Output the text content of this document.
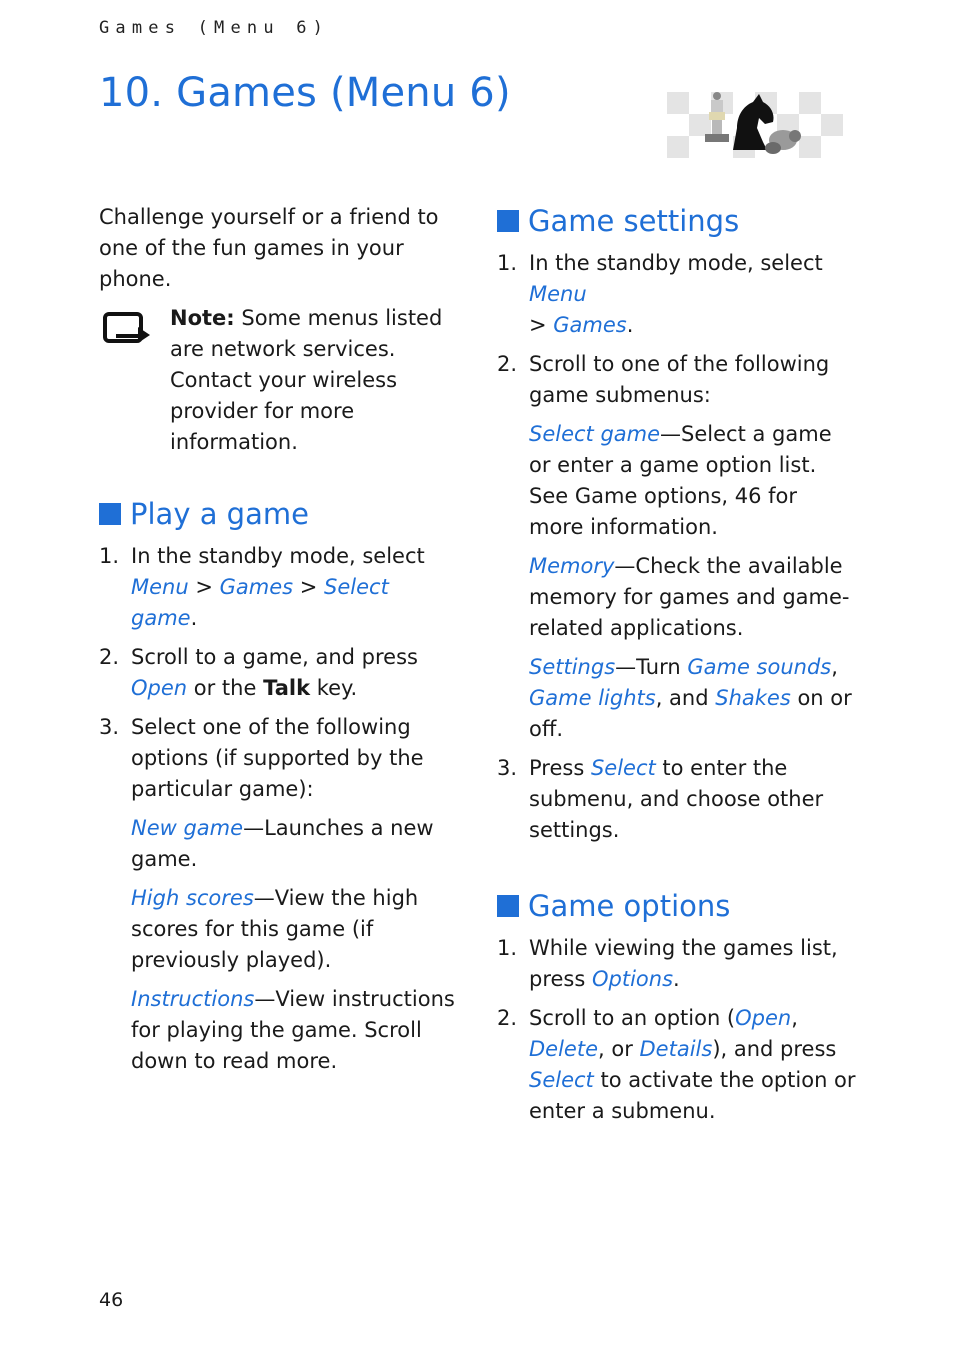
Games (Menu 6)
10. Games (Menu 6)

Challenge yourself or a friend to one of the fun games in your phone.

Note: Some menus listed are network services. Contact your wireless provider for more information.
Play a game
1. In the standby mode, select Menu > Games > Select game.
2. Scroll to a game, and press Open or the Talk key.
3. Select one of the following options (if supported by the particular game):

New game—Launches a new game.

High scores—View the high scores for this game (if previously played).

Instructions—View instructions for playing the game. Scroll down to read more.

Game settings
1. In the standby mode, select Menu
> Games.
2. Scroll to one of the following game submenus:

Select game—Select a game or enter a game option list. See Game options, 46 for more information.

Memory—Check the available memory for games and game-related applications.

Settings—Turn Game sounds, Game lights, and Shakes on or off.

3. Press Select to enter the submenu, and choose other settings.
Game options
1. While viewing the games list, press Options.
2. Scroll to an option (Open, Delete, or Details), and press Select to activate the option or enter a submenu.
46
